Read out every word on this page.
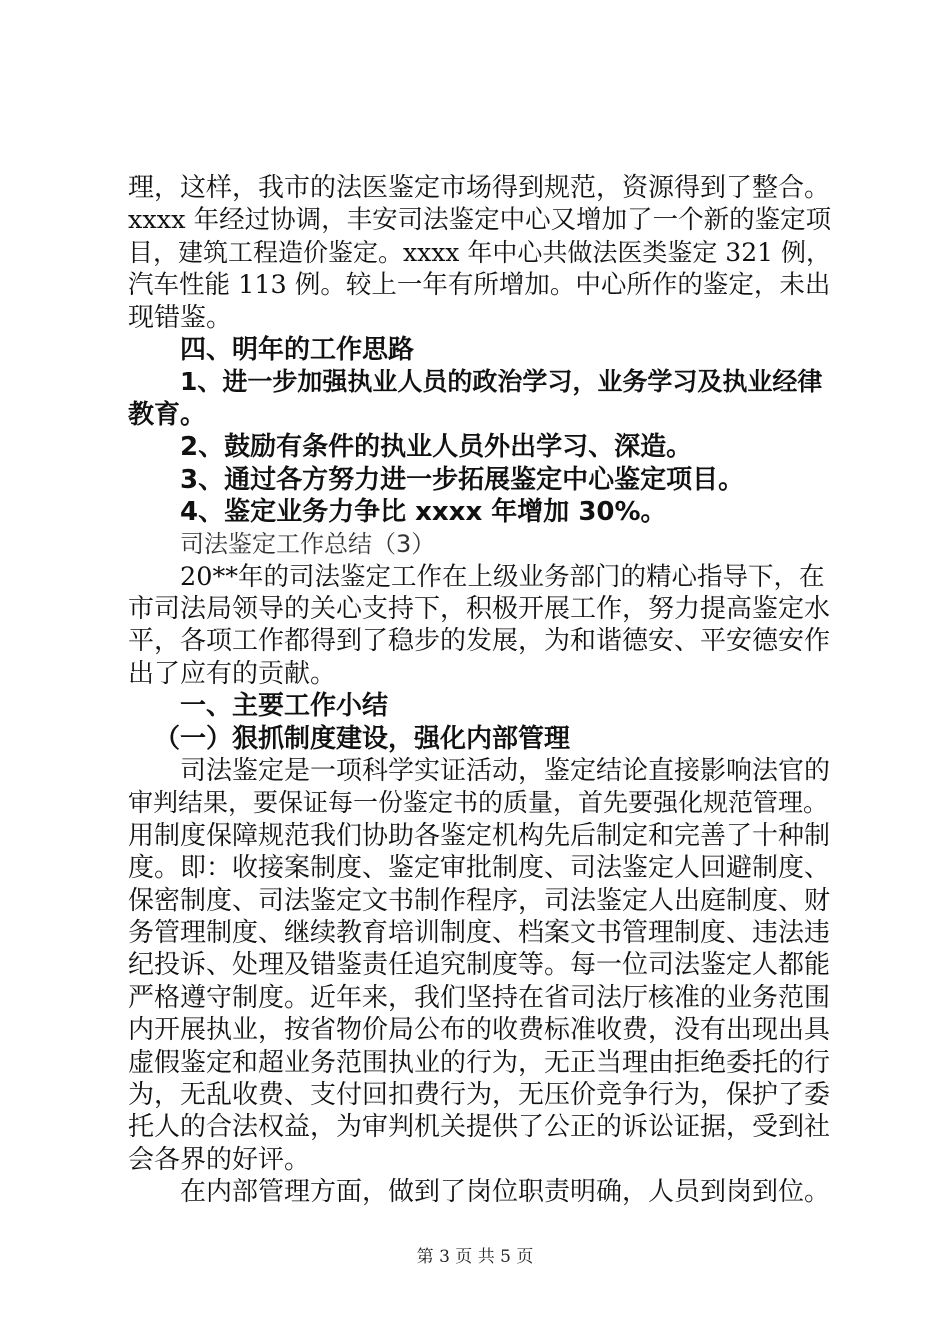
理，这样，我市的法医鉴定市场得到规范，资源得到了整合。
xxxx 年经过协调，丰安司法鉴定中心又增加了一个新的鉴定项
目，建筑工程造价鉴定。xxxx 年中心共做法医类鉴定 321 例，
汽车性能 113 例。较上一年有所增加。中心所作的鉴定，未出
现错鉴。
四、明年的工作思路
1、进一步加强执业人员的政治学习，业务学习及执业经律
教育。
2、鼓励有条件的执业人员外出学习、深造。
3、通过各方努力进一步拓展鉴定中心鉴定项目。
4、鉴定业务力争比 xxxx 年增加 30%。
司法鉴定工作总结（3）
20**年的司法鉴定工作在上级业务部门的精心指导下，在
市司法局领导的关心支持下，积极开展工作，努力提高鉴定水
平，各项工作都得到了稳步的发展，为和谐德安、平安德安作
出了应有的贡献。
一、主要工作小结
（一）狠抓制度建设，强化内部管理
司法鉴定是一项科学实证活动，鉴定结论直接影响法官的
审判结果，要保证每一份鉴定书的质量，首先要强化规范管理。
用制度保障规范我们协助各鉴定机构先后制定和完善了十种制
度。即：收接案制度、鉴定审批制度、司法鉴定人回避制度、
保密制度、司法鉴定文书制作程序，司法鉴定人出庭制度、财
务管理制度、继续教育培训制度、档案文书管理制度、违法违
纪投诉、处理及错鉴责任追究制度等。每一位司法鉴定人都能
严格遵守制度。近年来，我们坚持在省司法厅核准的业务范围
内开展执业，按省物价局公布的收费标准收费，没有出现出具
虚假鉴定和超业务范围执业的行为，无正当理由拒绝委托的行
为，无乱收费、支付回扣费行为，无压价竞争行为，保护了委
托人的合法权益，为审判机关提供了公正的诉讼证据，受到社
会各界的好评。
在内部管理方面，做到了岗位职责明确，人员到岗到位。
第 3 页 共 5 页
